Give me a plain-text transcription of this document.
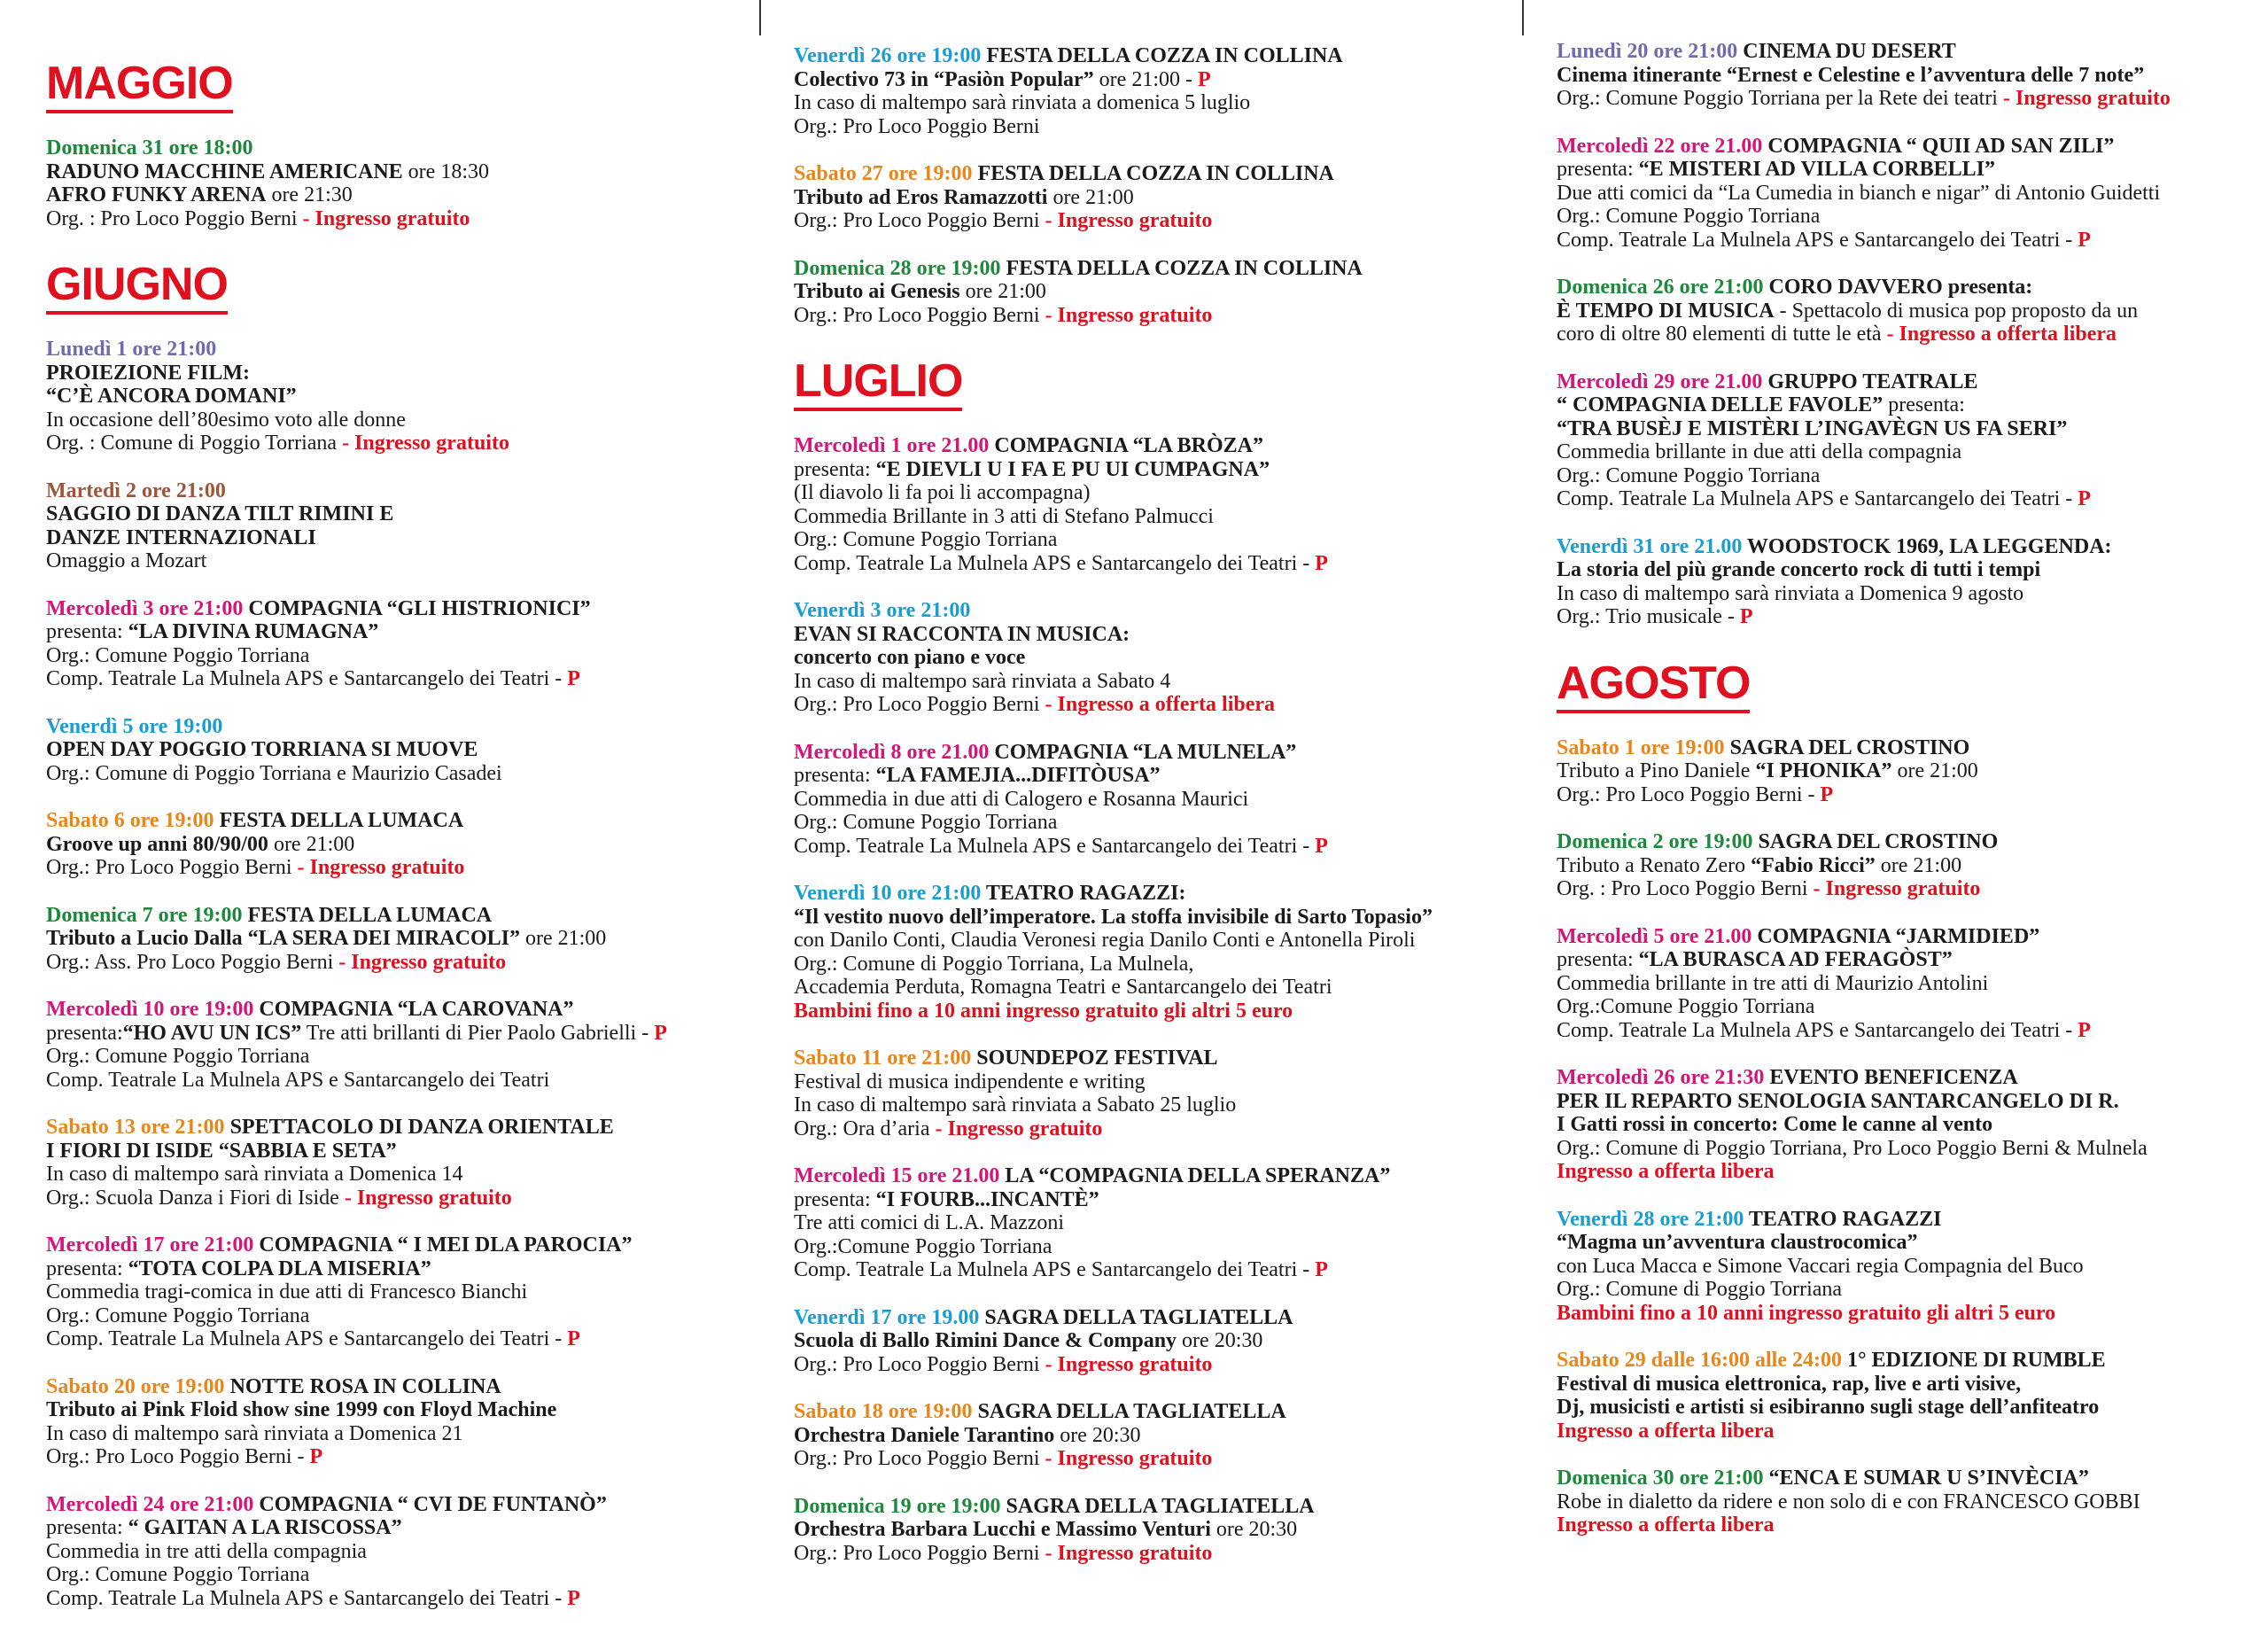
MAGGIO
Domenica 31 ore 18:00
RADUNO MACCHINE AMERICANE ore 18:30
AFRO FUNKY ARENA ore 21:30
Org. : Pro Loco Poggio Berni - Ingresso gratuito
GIUGNO
Lunedì 1 ore 21:00
PROIEZIONE FILM:
“C’È ANCORA DOMANI”
In occasione dell’80esimo voto alle donne
Org. : Comune di Poggio Torriana - Ingresso gratuito
Martedì 2 ore 21:00
SAGGIO DI DANZA TILT RIMINI E
DANZE INTERNAZIONALI
Omaggio a Mozart
Mercoledì 3 ore 21:00 COMPAGNIA “GLI HISTRIONICI”
presenta: “LA DIVINA RUMAGNA”
Org.: Comune Poggio Torriana
Comp. Teatrale La Mulnela APS e Santarcangelo dei Teatri - P
Venerdì 5 ore 19:00
OPEN DAY POGGIO TORRIANA SI MUOVE
Org.: Comune di Poggio Torriana e Maurizio Casadei
Sabato 6 ore 19:00 FESTA DELLA LUMACA
Groove up anni 80/90/00 ore 21:00
Org.: Pro Loco Poggio Berni - Ingresso gratuito
Domenica 7 ore 19:00 FESTA DELLA LUMACA
Tributo a Lucio Dalla “LA SERA DEI MIRACOLI” ore 21:00
Org.: Ass. Pro Loco Poggio Berni - Ingresso gratuito
Mercoledì 10 ore 19:00 COMPAGNIA “LA CAROVANA”
presenta:“HO AVU UN ICS” Tre atti brillanti di Pier Paolo Gabrielli - P
Org.: Comune Poggio Torriana
Comp. Teatrale La Mulnela APS e Santarcangelo dei Teatri
Sabato 13 ore 21:00 SPETTACOLO DI DANZA ORIENTALE
I FIORI DI ISIDE “SABBIA E SETA”
In caso di maltempo sarà rinviata a Domenica 14
Org.: Scuola Danza i Fiori di Iside - Ingresso gratuito
Mercoledì 17 ore 21:00 COMPAGNIA “ I MEI DLA PAROCIA”
presenta: “TOTA COLPA DLA MISERIA”
Commedia tragi-comica in due atti di Francesco Bianchi
Org.: Comune Poggio Torriana
Comp. Teatrale La Mulnela APS e Santarcangelo dei Teatri - P
Sabato 20 ore 19:00 NOTTE ROSA IN COLLINA
Tributo ai Pink Floid show sine 1999 con Floyd Machine
In caso di maltempo sarà rinviata a Domenica 21
Org.: Pro Loco Poggio Berni - P
Mercoledì 24 ore 21:00 COMPAGNIA “ CVI DE FUNTANÒ”
presenta: “ GAITAN A LA RISCOSSA”
Commedia in tre atti della compagnia
Org.: Comune Poggio Torriana
Comp. Teatrale La Mulnela APS e Santarcangelo dei Teatri - P
Venerdì 26 ore 19:00 FESTA DELLA COZZA IN COLLINA
Colectivo 73 in “Pasiòn Popular” ore 21:00 - P
In caso di maltempo sarà rinviata a domenica 5 luglio
Org.: Pro Loco Poggio Berni
Sabato 27 ore 19:00 FESTA DELLA COZZA IN COLLINA
Tributo ad Eros Ramazzotti ore 21:00
Org.: Pro Loco Poggio Berni - Ingresso gratuito
Domenica 28 ore 19:00 FESTA DELLA COZZA IN COLLINA
Tributo ai Genesis ore 21:00
Org.: Pro Loco Poggio Berni - Ingresso gratuito
LUGLIO
Mercoledì 1 ore 21.00 COMPAGNIA “LA BRÒZA”
presenta: “E DIEVLI U I FA E PU UI CUMPAGNA”
(Il diavolo li fa poi li accompagna)
Commedia Brillante in 3 atti di Stefano Palmucci
Org.: Comune Poggio Torriana
Comp. Teatrale La Mulnela APS e Santarcangelo dei Teatri - P
Venerdì 3 ore 21:00
EVAN SI RACCONTA IN MUSICA:
concerto con piano e voce
In caso di maltempo sarà rinviata a Sabato 4
Org.: Pro Loco Poggio Berni - Ingresso a offerta libera
Mercoledì 8 ore 21.00 COMPAGNIA “LA MULNELA”
presenta: “LA FAMEJIA...DIFITÒUSA”
Commedia in due atti di Calogero e Rosanna Maurici
Org.: Comune Poggio Torriana
Comp. Teatrale La Mulnela APS e Santarcangelo dei Teatri - P
Venerdì 10 ore 21:00 TEATRO RAGAZZI:
“Il vestito nuovo dell’imperatore. La stoffa invisibile di Sarto Topasio”
con Danilo Conti, Claudia Veronesi regia Danilo Conti e Antonella Piroli
Org.: Comune di Poggio Torriana, La Mulnela,
Accademia Perduta, Romagna Teatri e Santarcangelo dei Teatri
Bambini fino a 10 anni ingresso gratuito gli altri 5 euro
Sabato 11 ore 21:00 SOUNDEPOZ FESTIVAL
Festival di musica indipendente e writing
In caso di maltempo sarà rinviata a Sabato 25 luglio
Org.: Ora d’aria - Ingresso gratuito
Mercoledì 15 ore 21.00 LA “COMPAGNIA DELLA SPERANZA”
presenta: “I FOURB...INCANTÈ”
Tre atti comici di L.A. Mazzoni
Org.:Comune Poggio Torriana
Comp. Teatrale La Mulnela APS e Santarcangelo dei Teatri - P
Venerdì 17 ore 19.00 SAGRA DELLA TAGLIATELLA
Scuola di Ballo Rimini Dance & Company ore 20:30
Org.: Pro Loco Poggio Berni - Ingresso gratuito
Sabato 18 ore 19:00 SAGRA DELLA TAGLIATELLA
Orchestra Daniele Tarantino ore 20:30
Org.: Pro Loco Poggio Berni - Ingresso gratuito
Domenica 19 ore 19:00 SAGRA DELLA TAGLIATELLA
Orchestra Barbara Lucchi e Massimo Venturi ore 20:30
Org.: Pro Loco Poggio Berni - Ingresso gratuito
Lunedì 20 ore 21:00 CINEMA DU DESERT
Cinema itinerante “Ernest e Celestine e l’avventura delle 7 note”
Org.: Comune Poggio Torriana per la Rete dei teatri - Ingresso gratuito
Mercoledì 22 ore 21.00 COMPAGNIA “ QUII AD SAN ZILI”
presenta: “E MISTERI AD VILLA CORBELLI”
Due atti comici da “La Cumedia in bianch e nigar” di Antonio Guidetti
Org.: Comune Poggio Torriana
Comp. Teatrale La Mulnela APS e Santarcangelo dei Teatri - P
Domenica 26 ore 21:00 CORO DAVVERO presenta:
È TEMPO DI MUSICA - Spettacolo di musica pop proposto da un
coro di oltre 80 elementi di tutte le età - Ingresso a offerta libera
Mercoledì 29 ore 21.00 GRUPPO TEATRALE
“ COMPAGNIA DELLE FAVOLE” presenta:
“TRA BUSÈJ E MISTÈRI L’INGAVÈGN US FA SERI”
Commedia brillante in due atti della compagnia
Org.: Comune Poggio Torriana
Comp. Teatrale La Mulnela APS e Santarcangelo dei Teatri - P
Venerdì 31 ore 21.00 WOODSTOCK 1969, LA LEGGENDA:
La storia del più grande concerto rock di tutti i tempi
In caso di maltempo sarà rinviata a Domenica 9 agosto
Org.: Trio musicale - P
AGOSTO
Sabato 1 ore 19:00 SAGRA DEL CROSTINO
Tributo a Pino Daniele “I PHONIKA” ore 21:00
Org.: Pro Loco Poggio Berni - P
Domenica 2 ore 19:00 SAGRA DEL CROSTINO
Tributo a Renato Zero “Fabio Ricci” ore 21:00
Org. : Pro Loco Poggio Berni - Ingresso gratuito
Mercoledì 5 ore 21.00 COMPAGNIA “JARMIDIED”
presenta: “LA BURASCA AD FERAGÒST”
Commedia brillante in tre atti di Maurizio Antolini
Org.:Comune Poggio Torriana
Comp. Teatrale La Mulnela APS e Santarcangelo dei Teatri - P
Mercoledì 26 ore 21:30 EVENTO BENEFICENZA
PER IL REPARTO SENOLOGIA SANTARCANGELO DI R.
I Gatti rossi in concerto: Come le canne al vento
Org.: Comune di Poggio Torriana, Pro Loco Poggio Berni & Mulnela
Ingresso a offerta libera
Venerdì 28 ore 21:00 TEATRO RAGAZZI
“Magma un’avventura claustrocomica”
con Luca Macca e Simone Vaccari regia Compagnia del Buco
Org.: Comune di Poggio Torriana
Bambini fino a 10 anni ingresso gratuito gli altri 5 euro
Sabato 29 dalle 16:00 alle 24:00 1° EDIZIONE DI RUMBLE
Festival di musica elettronica, rap, live e arti visive,
Dj, musicisti e artisti si esibiranno sugli stage dell’anfiteatro
Ingresso a offerta libera
Domenica 30 ore 21:00 “ENCA E SUMAR U S’INVÈCIA”
Robe in dialetto da ridere e non solo di e con FRANCESCO GOBBI
Ingresso a offerta libera
